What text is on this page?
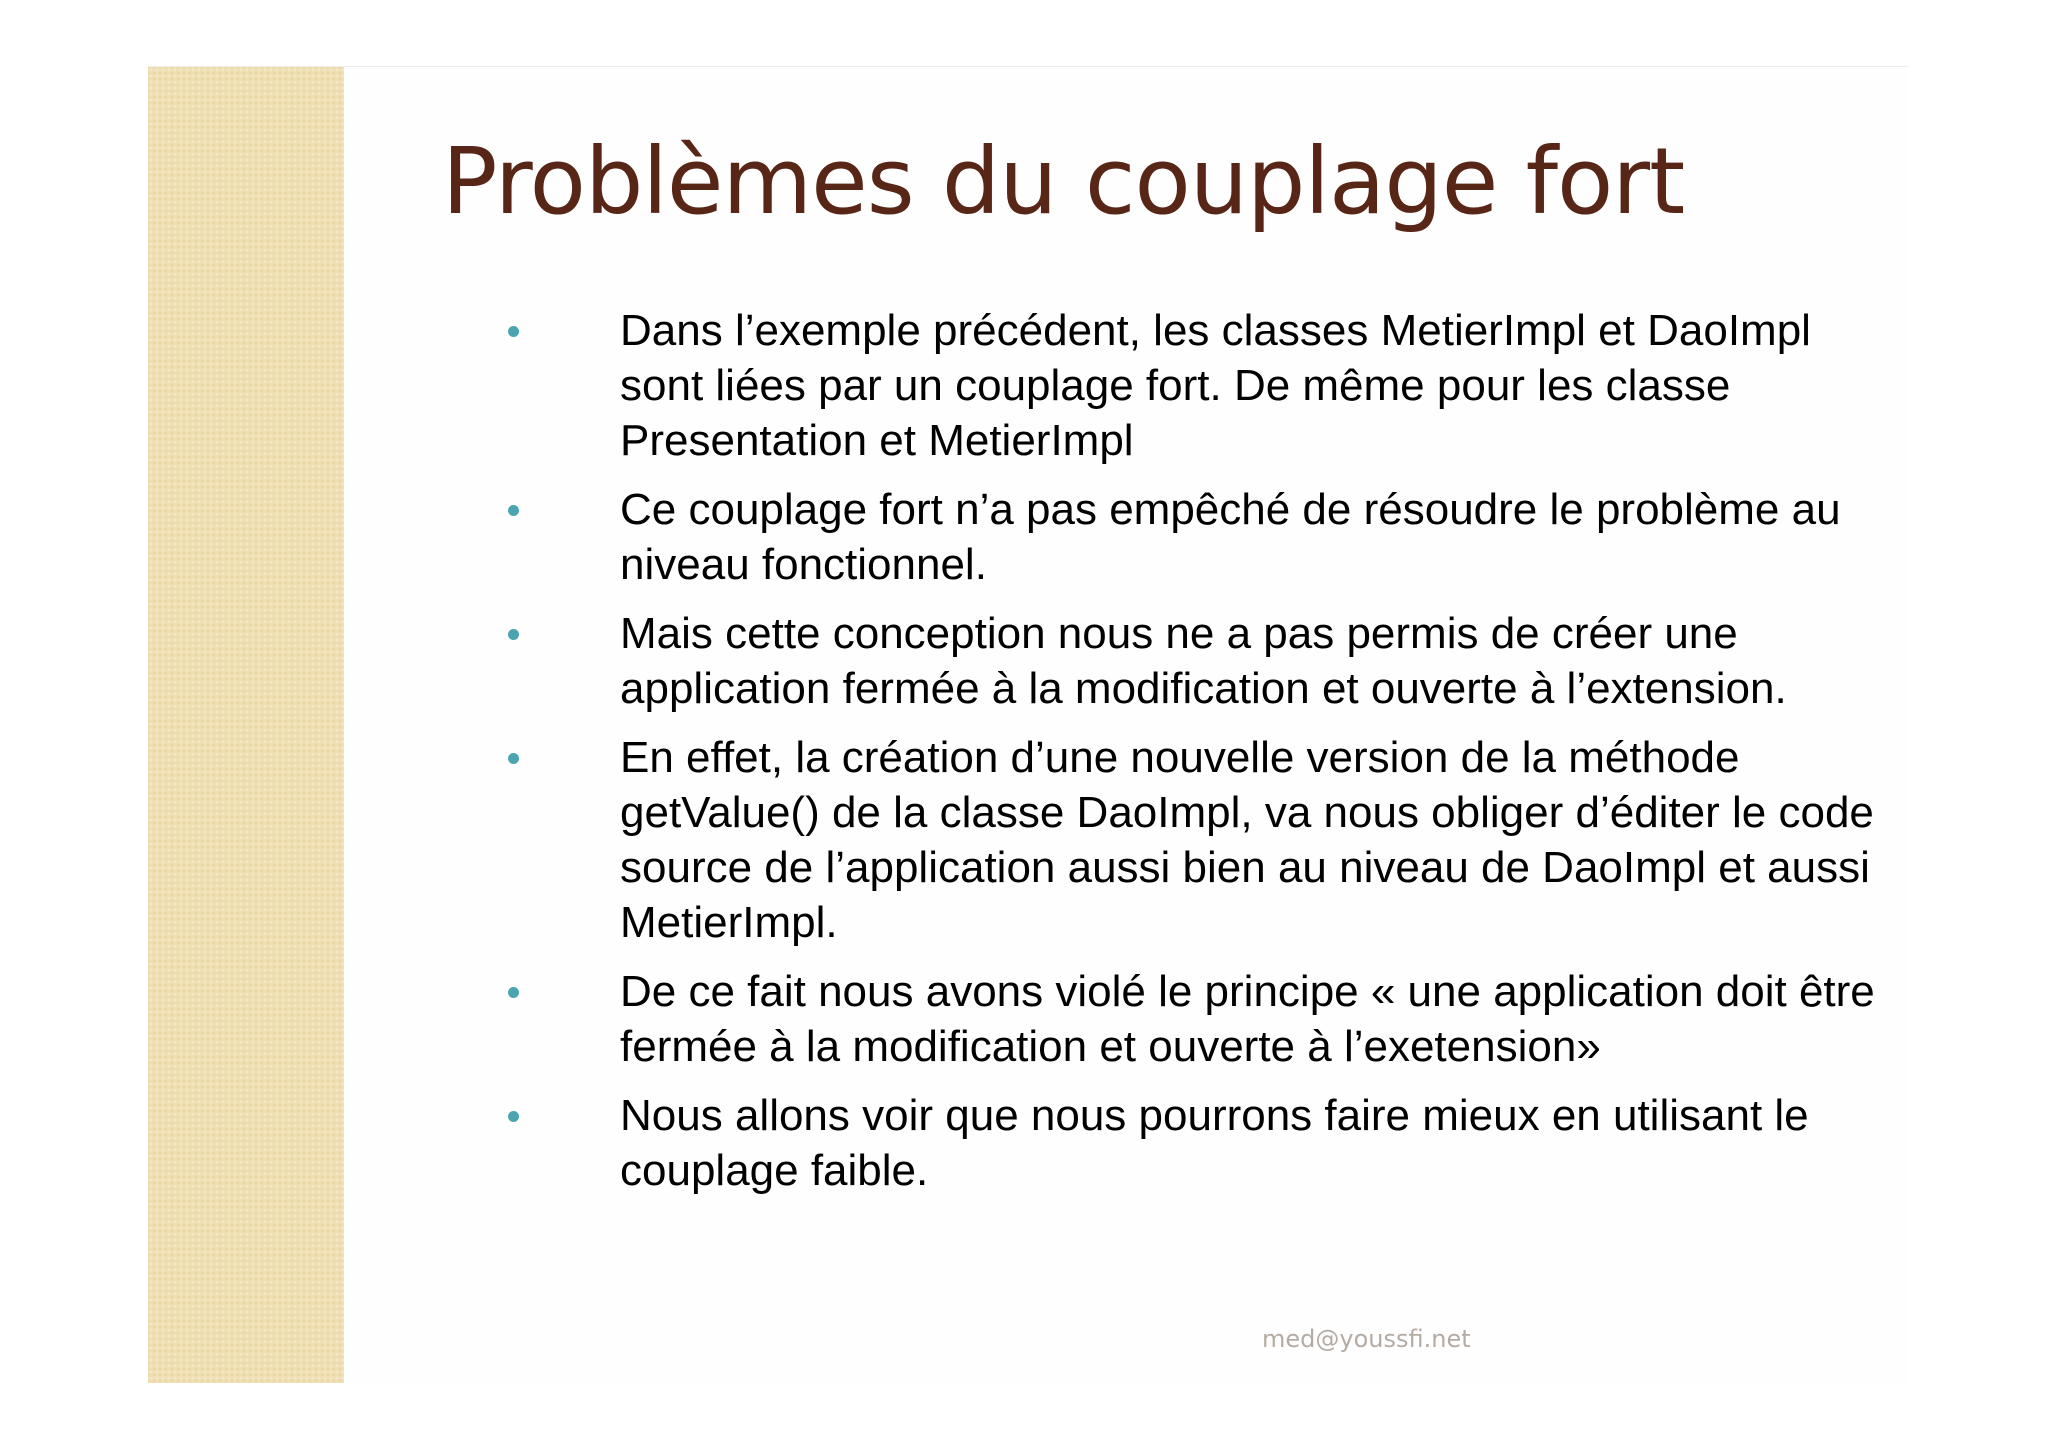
Problèmes du couplage fort
Dans l’exemple précédent, les classes MetierImpl et DaoImpl sont liées par un couplage fort. De même pour les classe Presentation et MetierImpl
Ce couplage fort n’a pas empêché de résoudre le problème au niveau fonctionnel.
Mais cette conception nous ne a pas permis de créer une application fermée à la modification et ouverte à l’extension.
En effet, la création d’une nouvelle version de la méthode getValue() de la classe DaoImpl, va nous obliger d’éditer le code source de l’application aussi bien au niveau de DaoImpl et aussi MetierImpl.
De ce fait nous avons violé le principe « une application doit être fermée à la modification et ouverte à l’exetension»
Nous allons voir que nous pourrons faire mieux en utilisant le couplage faible.
med@youssfi.net
